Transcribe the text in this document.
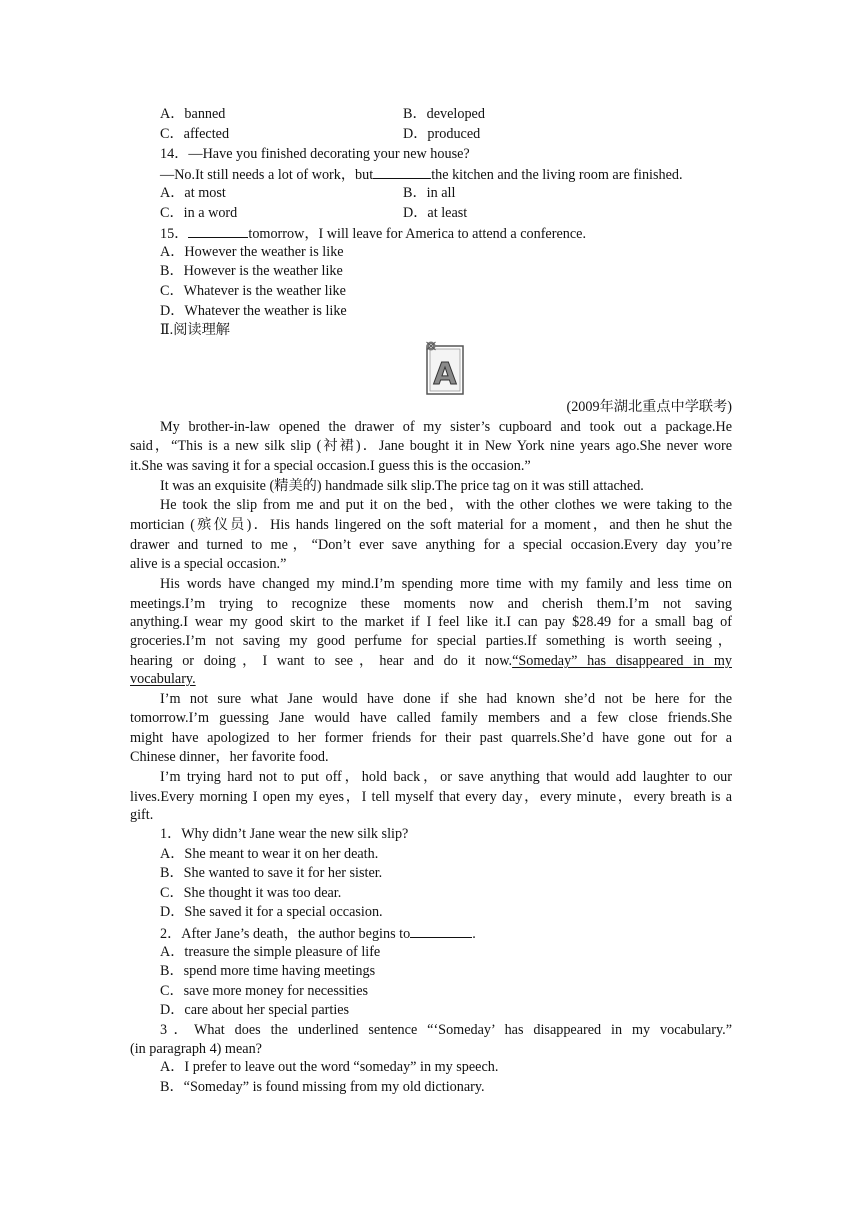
A．banned	B．developed
C．affected	D．produced
14．—Have you finished decorating your new house?
—No.It still needs a lot of work，but	the kitchen and the living room are finished.
A．at most	B．in all
C．in a word	D．at least
15．	tomorrow，I will leave for America to attend a conference.
A．However the weather is like
B．However is the weather like
C．Whatever is the weather like
D．Whatever the weather is like
Ⅱ.阅读理解
A
(2009年湖北重点中学联考)
My brother-in-law opened the drawer of my sister’s cupboard and took out a package.He
said，“This is a new silk slip (衬裙)．Jane bought it in New York nine years ago.She never wore
it.She was saving it for a special occasion.I guess this is the occasion.”
It was an exquisite (精美的) handmade silk slip.The price tag on it was still attached.
He took the slip from me and put it on the bed，with the other clothes we were taking to the
mortician (殡仪员)．His hands lingered on the soft material for a moment，and then he shut the
drawer and turned to me，“Don’t ever save anything for a special occasion.Every day you’re
alive is a special occasion.”
His words have changed my mind.I’m spending more time with my family and less time on
meetings.I’m trying to recognize these moments now and cherish them.I’m not saving
anything.I wear my good skirt to the market if I feel like it.I can pay $28.49 for a small bag of
groceries.I’m not saving my good perfume for special parties.If something is worth seeing，
hearing or doing，I want to see，hear and do it now.“Someday” has disappeared in my
vocabulary.
I’m not sure what Jane would have done if she had known she’d not be here for the
tomorrow.I’m guessing Jane would have called family members and a few close friends.She
might have apologized to her former friends for their past quarrels.She’d have gone out for a
Chinese dinner，her favorite food.
I’m trying hard not to put off，hold back，or save anything that would add laughter to our
lives.Every morning I open my eyes，I tell myself that every day，every minute，every breath is a
gift.
1．Why didn’t Jane wear the new silk slip?
A．She meant to wear it on her death.
B．She wanted to save it for her sister.
C．She thought it was too dear.
D．She saved it for a special occasion.
2．After Jane’s death，the author begins to	.
A．treasure the simple pleasure of life
B．spend more time having meetings
C．save more money for necessities
D．care about her special parties
3．What does the underlined sentence “‘Someday’ has disappeared in my vocabulary.”
(in paragraph 4) mean?
A．I prefer to leave out the word “someday” in my speech.
B．“Someday” is found missing from my old dictionary.
